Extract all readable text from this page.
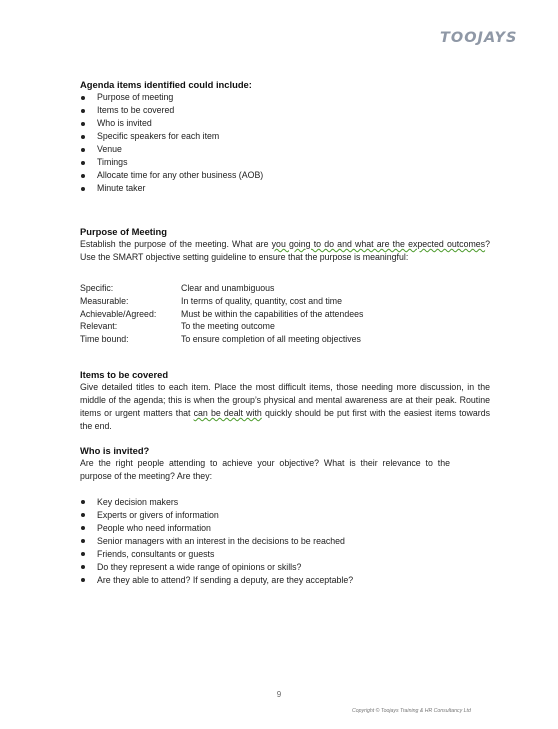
TOOJAYS
Agenda items identified could include:
Purpose of meeting
Items to be covered
Who is invited
Specific speakers for each item
Venue
Timings
Allocate time for any other business (AOB)
Minute taker
Purpose of Meeting

Establish the purpose of the meeting. What are you going to do and what are the expected outcomes? Use the SMART objective setting guideline to ensure that the purpose is meaningful:

Specific:	Clear and unambiguous
Measurable:	In terms of quality, quantity, cost and time
Achievable/Agreed:	Must be within the capabilities of the attendees
Relevant:	To the meeting outcome
Time bound:	To ensure completion of all meeting objectives
Items to be covered

Give detailed titles to each item. Place the most difficult items, those needing more discussion, in the middle of the agenda; this is when the group’s physical and mental awareness are at their peak. Routine items or urgent matters that can be dealt with quickly should be put first with the easiest items towards the end.

Who is invited?

Are the right people attending to achieve your objective? What is their relevance to the purpose of the meeting? Are they:

Key decision makers
Experts or givers of information
People who need information
Senior managers with an interest in the decisions to be reached
Friends, consultants or guests
Do they represent a wide range of opinions or skills?
Are they able to attend? If sending a deputy, are they acceptable?
9
Copyright © Toojays Training & HR Consultancy Ltd
